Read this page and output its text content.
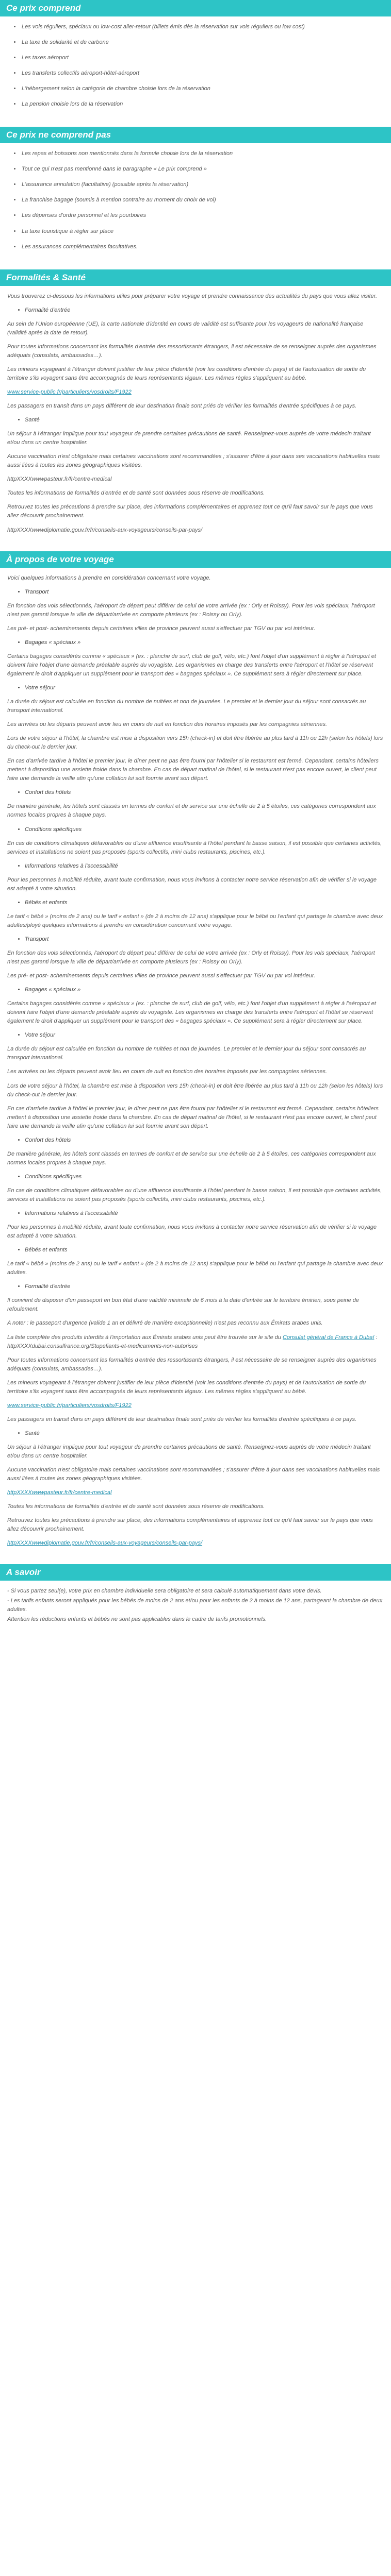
Ce prix comprend
• Les vols réguliers, spéciaux ou low-cost aller-retour (billets émis dès la réservation sur vols réguliers ou low cost)
• La taxe de solidarité et de carbone
• Les taxes aéroport
• Les transferts collectifs aéroport-hôtel-aéroport
• L'hébergement selon la catégorie de chambre choisie lors de la réservation
• La pension choisie lors de la réservation
Ce prix ne comprend pas
• Les repas et boissons non mentionnés dans la formule choisie lors de la réservation
• Tout ce qui n'est pas mentionné dans le paragraphe « Le prix comprend »
• L'assurance annulation (facultative) (possible après la réservation)
• La franchise bagage (soumis à mention contraire au moment du choix de vol)
• Les dépenses d'ordre personnel et les pourboires
• La taxe touristique à régler sur place
• Les assurances complémentaires facultatives.
Formalités & Santé

Vous trouverez ci-dessous les informations utiles pour préparer votre voyage et prendre connaissance des actualités du pays que vous allez visiter.

• Formalité d'entrée

Au sein de l'Union européenne (UE), la carte nationale d'identité en cours de validité est suffisante pour les voyageurs de nationalité française (validité après la date de retour).

Pour toutes informations concernant les formalités d'entrée des ressortissants étrangers, il est nécessaire de se renseigner auprès des organismes adéquats (consulats, ambassades…).

Les mineurs voyageant à l'étranger doivent justifier de leur pièce d'identité (voir les conditions d'entrée du pays) et de l'autorisation de sortie du territoire s'ils voyagent sans être accompagnés de leurs représentants légaux. Les mêmes règles s'appliquent au bébé.

www.service-public.fr/particuliers/vosdroits/F1922

Les passagers en transit dans un pays différent de leur destination finale sont priés de vérifier les formalités d'entrée spécifiques à ce pays.

• Santé

Un séjour à l'étranger implique pour tout voyageur de prendre certaines précautions de santé. Renseignez-vous auprès de votre médecin traitant et/ou dans un centre hospitalier.

Aucune vaccination n'est obligatoire mais certaines vaccinations sont recommandées ; s'assurer d'être à jour dans ses vaccinations habituelles mais aussi liées à toutes les zones géographiques visitées.

httpXXXXwwwpasteur.fr/fr/centre-medical

Toutes les informations de formalités d'entrée et de santé sont données sous réserve de modifications.

Retrouvez toutes les précautions à prendre sur place, des informations complémentaires et apprenez tout ce qu'il faut savoir sur le pays que vous allez découvrir prochainement.

httpXXXXwwwdiplomatie.gouv.fr/fr/conseils-aux-voyageurs/conseils-par-pays/

À propos de votre voyage

Voici quelques informations à prendre en considération concernant votre voyage.

• Transport

En fonction des vols sélectionnés, l'aéroport de départ peut différer de celui de votre arrivée (ex : Orly et Roissy). Pour les vols spéciaux, l'aéroport n'est pas garanti lorsque la ville de départ/arrivée en comporte plusieurs (ex : Roissy ou Orly).

Les pré- et post- acheminements depuis certaines villes de province peuvent aussi s'effectuer par TGV ou par voi intérieur.

• Bagages « spéciaux »

Certains bagages considérés comme « spéciaux » (ex. : planche de surf, club de golf, vélo, etc.) font l'objet d'un supplément à régler à l'aéroport et doivent faire l'objet d'une demande préalable auprès du voyagiste. Les organismes en charge des transferts entre l'aéroport et l'hôtel se réservent également le droit d'appliquer un supplément pour le transport des « bagages spéciaux ». Ce supplément sera à régler directement sur place.

• Votre séjour

La durée du séjour est calculée en fonction du nombre de nuitées et non de journées. Le premier et le dernier jour du séjour sont consacrés au transport international.

Les arrivées ou les départs peuvent avoir lieu en cours de nuit en fonction des horaires imposés par les compagnies aériennes.

Lors de votre séjour à l'hôtel, la chambre est mise à disposition vers 15h (check-in) et doit être libérée au plus tard à 11h ou 12h (selon les hôtels) lors du check-out le dernier jour.

En cas d'arrivée tardive à l'hôtel le premier jour, le dîner peut ne pas être fourni par l'hôtelier si le restaurant est fermé. Cependant, certains hôteliers mettent à disposition une assiette froide dans la chambre. En cas de départ matinal de l'hôtel, si le restaurant n'est pas encore ouvert, le client peut faire une demande la veille afin qu'une collation lui soit fournie avant son départ.

• Confort des hôtels

De manière générale, les hôtels sont classés en termes de confort et de service sur une échelle de 2 à 5 étoiles, ces catégories correspondent aux normes locales propres à chaque pays.

• Conditions spécifiques

En cas de conditions climatiques défavorables ou d'une affluence insuffisante à l'hôtel pendant la basse saison, il est possible que certaines activités, services et installations ne soient pas proposés (sports collectifs, mini clubs restaurants, piscines, etc.).

• Informations relatives à l'accessibilité

Pour les personnes à mobilité réduite, avant toute confirmation, nous vous invitons à contacter notre service réservation afin de vérifier si le voyage est adapté à votre situation.

• Bébés et enfants

Le tarif « bébé » (moins de 2 ans) ou le tarif « enfant » (de 2 à moins de 12 ans) s'applique pour le bébé ou l'enfant qui partage la chambre avec deux adultes/ployé quelques informations à prendre en considération concernant votre voyage.

• Transport

En fonction des vols sélectionnés, l'aéroport de départ peut différer de celui de votre arrivée (ex : Orly et Roissy). Pour les vols spéciaux, l'aéroport n'est pas garanti lorsque la ville de départ/arrivée en comporte plusieurs (ex : Roissy ou Orly).

Les pré- et post- acheminements depuis certaines villes de province peuvent aussi s'effectuer par TGV ou par voi intérieur.

• Bagages « spéciaux »

Certains bagages considérés comme « spéciaux » (ex. : planche de surf, club de golf, vélo, etc.) font l'objet d'un supplément à régler à l'aéroport et doivent faire l'objet d'une demande préalable auprès du voyagiste. Les organismes en charge des transferts entre l'aéroport et l'hôtel se réservent également le droit d'appliquer un supplément pour le transport des « bagages spéciaux ». Ce supplément sera à régler directement sur place.

• Votre séjour

La durée du séjour est calculée en fonction du nombre de nuitées et non de journées. Le premier et le dernier jour du séjour sont consacrés au transport international.

Les arrivées ou les départs peuvent avoir lieu en cours de nuit en fonction des horaires imposés par les compagnies aériennes.

Lors de votre séjour à l'hôtel, la chambre est mise à disposition vers 15h (check-in) et doit être libérée au plus tard à 11h ou 12h (selon les hôtels) lors du check-out le dernier jour.

En cas d'arrivée tardive à l'hôtel le premier jour, le dîner peut ne pas être fourni par l'hôtelier si le restaurant est fermé. Cependant, certains hôteliers mettent à disposition une assiette froide dans la chambre. En cas de départ matinal de l'hôtel, si le restaurant n'est pas encore ouvert, le client peut faire une demande la veille afin qu'une collation lui soit fournie avant son départ.

• Confort des hôtels

De manière générale, les hôtels sont classés en termes de confort et de service sur une échelle de 2 à 5 étoiles, ces catégories correspondent aux normes locales propres à chaque pays.

• Conditions spécifiques

En cas de conditions climatiques défavorables ou d'une affluence insuffisante à l'hôtel pendant la basse saison, il est possible que certaines activités, services et installations ne soient pas proposés (sports collectifs, mini clubs restaurants, piscines, etc.).

• Informations relatives à l'accessibilité

Pour les personnes à mobilité réduite, avant toute confirmation, nous vous invitons à contacter notre service réservation afin de vérifier si le voyage est adapté à votre situation.

• Bébés et enfants

Le tarif « bébé » (moins de 2 ans) ou le tarif « enfant » (de 2 à moins de 12 ans) s'applique pour le bébé ou l'enfant qui partage la chambre avec deux adultes.

• Formalité d'entrée

Il convient de disposer d'un passeport en bon état d'une validité minimale de 6 mois à la date d'entrée sur le territoire émirien, sous peine de refoulement.

A noter : le passeport d'urgence (valide 1 an et délivré de manière exceptionnelle) n'est pas reconnu aux Émirats arabes unis.

La liste complète des produits interdits à l'importation aux Émirats arabes unis peut être trouvée sur le site du Consulat général de France à Dubaï : httpXXXXdubai.consulfrance.org/Stupefiants-et-medicaments-non-autorises

Pour toutes informations concernant les formalités d'entrée des ressortissants étrangers, il est nécessaire de se renseigner auprès des organismes adéquats (consulats, ambassades…).

Les mineurs voyageant à l'étranger doivent justifier de leur pièce d'identité (voir les conditions d'entrée du pays) et de l'autorisation de sortie du territoire s'ils voyagent sans être accompagnés de leurs représentants légaux. Les mêmes règles s'appliquent au bébé.

www.service-public.fr/particuliers/vosdroits/F1922

Les passagers en transit dans un pays différent de leur destination finale sont priés de vérifier les formalités d'entrée spécifiques à ce pays.

• Santé

Un séjour à l'étranger implique pour tout voyageur de prendre certaines précautions de santé. Renseignez-vous auprès de votre médecin traitant et/ou dans un centre hospitalier.

Aucune vaccination n'est obligatoire mais certaines vaccinations sont recommandées ; s'assurer d'être à jour dans ses vaccinations habituelles mais aussi liées à toutes les zones géographiques visitées.

httpXXXXwwwpasteur.fr/fr/centre-medical

Toutes les informations de formalités d'entrée et de santé sont données sous réserve de modifications.

Retrouvez toutes les précautions à prendre sur place, des informations complémentaires et apprenez tout ce qu'il faut savoir sur le pays que vous allez découvrir prochainement.

httpXXXXwwwdiplomatie.gouv.fr/fr/conseils-aux-voyageurs/conseils-par-pays/

A savoir

- Si vous partez seul(e), votre prix en chambre individuelle sera obligatoire et sera calculé automatiquement dans votre devis.

- Les tarifs enfants seront appliqués pour les bébés de moins de 2 ans et/ou pour les enfants de 2 à moins de 12 ans, partageant la chambre de deux adultes.

Attention les réductions enfants et bébés ne sont pas applicables dans le cadre de tarifs promotionnels.
